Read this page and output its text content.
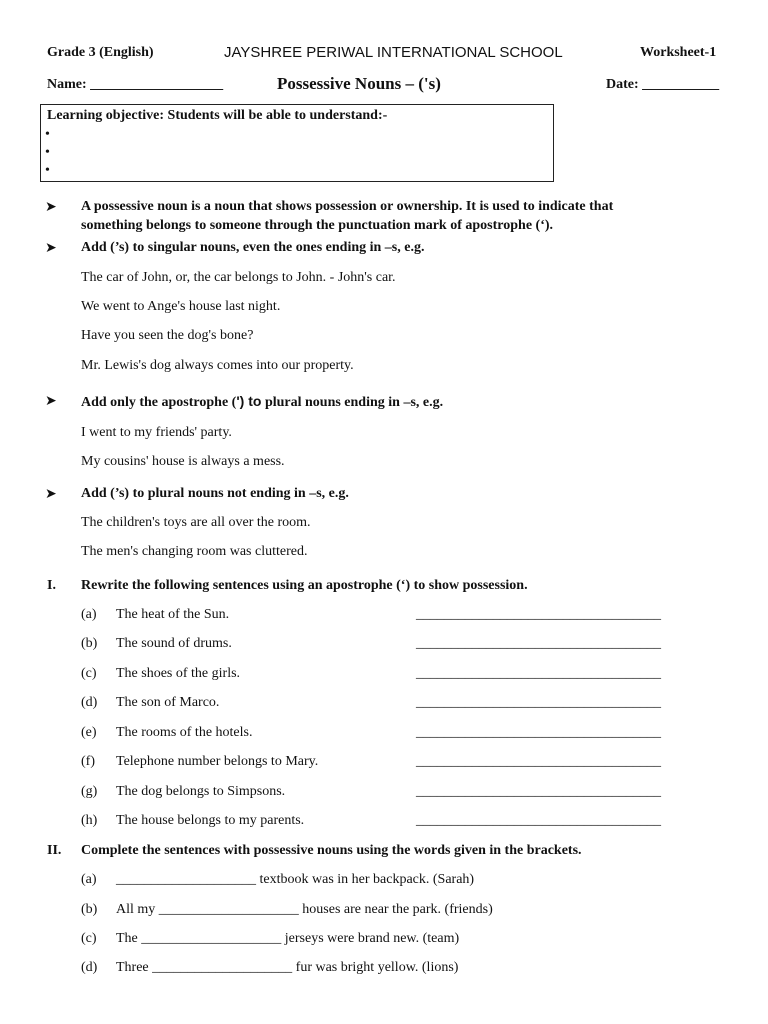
Grade 3 (English)	JAYSHREE PERIWAL INTERNATIONAL SCHOOL	Worksheet-1
Name: ___________________	Possessive Nouns – ('s)	Date: ___________
Learning objective: Students will be able to understand:-
•
•
•
➤ A possessive noun is a noun that shows possession or ownership. It is used to indicate that
something belongs to someone through the punctuation mark of apostrophe (‘).
➤ Add (’s) to singular nouns, even the ones ending in –s, e.g.
The car of John, or, the car belongs to John. - John's car.
We went to Ange's house last night.
Have you seen the dog's bone?
Mr. Lewis's dog always comes into our property.
➤ Add only the apostrophe (') to plural nouns ending in –s, e.g.
I went to my friends' party.
My cousins' house is always a mess.
➤ Add (’s) to plural nouns not ending in –s, e.g.
The children's toys are all over the room.
The men's changing room was cluttered.
I. Rewrite the following sentences using an apostrophe (‘) to show possession.
(a) The heat of the Sun.	___________________________________
(b) The sound of drums.	___________________________________
(c) The shoes of the girls.	___________________________________
(d) The son of Marco.	___________________________________
(e) The rooms of the hotels.	___________________________________
(f) Telephone number belongs to Mary.	___________________________________
(g) The dog belongs to Simpsons.	___________________________________
(h) The house belongs to my parents.	___________________________________
II. Complete the sentences with possessive nouns using the words given in the brackets.
(a) ____________________ textbook was in her backpack. (Sarah)
(b) All my ____________________ houses are near the park. (friends)
(c) The ____________________ jerseys were brand new. (team)
(d) Three ____________________ fur was bright yellow. (lions)
